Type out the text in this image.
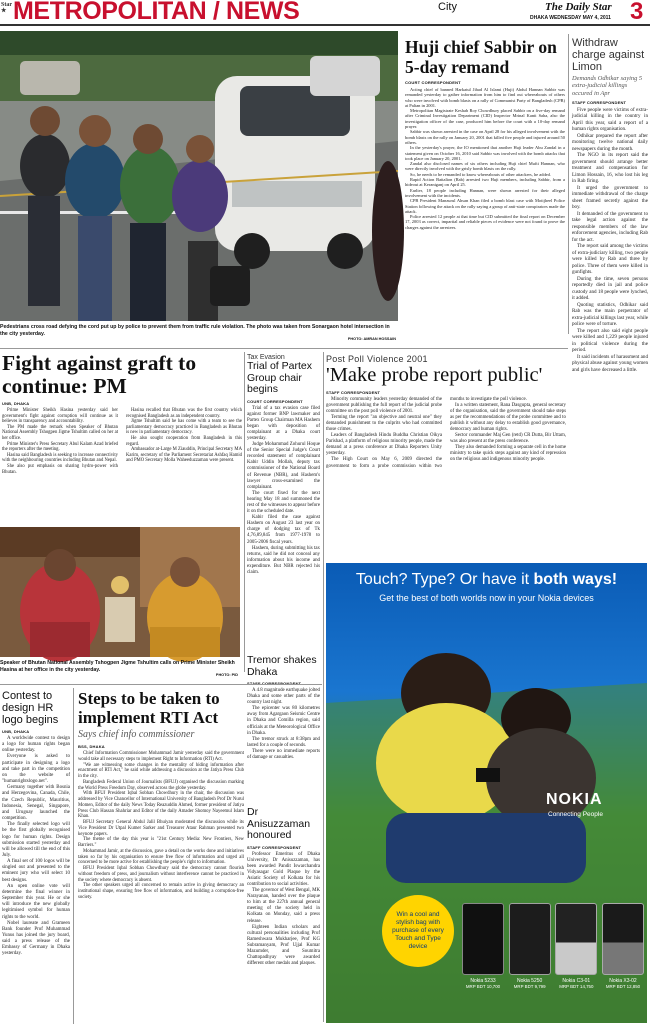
Star
★ METROPOLITAN / NEWS	City	The Daily Star
DHAKA WEDNESDAY MAY 4, 2011 3
Pedestrians cross road defying the cord put up by police to prevent them from traffic rule violation. The photo was taken from Sonargaon hotel intersection in the city yesterday.
PHOTO: AMRAN HOSSAIN
Huji chief Sabbir on 5-day remand
COURT CORRESPONDENT

Acting chief of banned Harkatul Jihad Al Islami (Huji) Abdul Hannan Sabbir was remanded yesterday to gather information from him to find out whereabouts of others who were involved with bomb blasts on a rally of Communist Party of Bangladesh (CPB) at Paltan in 2001.

Metropolitan Magistrate Keshab Roy Chowdhury placed Sabbir on a five-day remand after Criminal Investigation Department (CID) Inspector Mrinal Kanti Saha, also the investigation officer of the case, produced him before the court with a 10-day remand prayer.

Sabbir was shown arrested in the case on April 28 for his alleged involvement with the bomb blasts on the rally on January 20, 2001 that killed five people and injured around 50 others.

In the yesterday's prayer, the IO mentioned that another Huji leader Abu Zandal in a statement given on October 16, 2010 said Sabbir was involved with the bomb attacks that took place on January 20, 2001.

Zandal also disclosed names of six others including Huji chief Mufti Hannan, who were directly involved with the grisly bomb blasts on the rally.

So, he needs to be remanded to know whereabouts of other attackers, he added.

Rapid Action Battalion (Rab) arrested two Huji members, including Sabbir, from a hideout at Keraniganj on April 25.

Earlier, 18 people including Hannan, were shown arrested for their alleged involvement with the incidents.

CPB President Manzurul Ahsan Khan filed a bomb blast case with Motijheel Police Station following the attack on the rally saying a group of anti-state conspirators made the attack.

Police arrested 12 people at that time but CID submitted the final report on December 17, 2003 as correct, impartial and reliable pieces of evidence were not found to prove the charges against the arrestees.

Withdraw charge against Limon
Demands Odhikar saying 5 extra-judicial killings occured in Apr
STAFF CORRESPONDENT

Five people were victims of extra-judicial killing in the country in April this year, said a report of a human rights organisation.

Odhikar prepared the report after monitoring twelve national daily newspapers during the month.

The NGO in its report said the government should arrange better treatment and compensation for Limon Hossain, 16, who lost his leg in Rab firing.

It urged the government to immediate withdrawal of the charge sheet framed secretly against the boy.

It demanded of the government to take legal action against the responsible members of the law enforcement agencies, including Rab for the act.

The report said among the victims of extra-judiciary killing, two people were killed by Rab and three by police. Three of them were killed in gunfights.

During the time, seven persons reportedly died in jail and police custody and 18 people were lynched, it added.

Quoting statistics, Odhikar said Rab was the main perpetrator of extra-judicial killings last year, while police were of torture.

The report also said eight people were killed and 1,229 people injured in political violence during the period.

It said incidents of harassment and physical abuse against young women and girls have decreased a little.

Fight against graft to continue: PM
UNB, DHAKA

Prime Minister Sheikh Hasina yesterday said her government's fight against corruption will continue as it believes in transparency and accountability.

The PM made the remark when Speaker of Bhutan National Assembly Tshogpen Jigme Tshultim called on her at her office.

Prime Minister's Press Secretary Abul Kalam Azad briefed the reporters after the meeting.

Hasina said Bangladesh is seeking to increase connectivity with the neighbouring countries including Bhutan and Nepal.

She also put emphasis on sharing hydro-power with Bhutan.

Hasina recalled that Bhutan was the first country which recognised Bangladesh as an independent country.

Jigme Tshultim said he has come with a team to see the parliamentary democracy practiced in Bangladesh as Bhutan is new in parliamentary democracy.

He also sought cooperation from Bangladesh in this regard.

Ambassador at-Large M Ziauddin, Principal Secretary MA Karim, secretary of the Parliament Secretariat Ashfaq Hamid and PMO Secretary Molla Waheeduzzaman were present.

Speaker of Bhutan National Assembly Tshogpen Jigme Tshultim calls on Prime Minister Sheikh Hasina at her office in the city yesterday.
PHOTO: PID
Tax Evasion
Trial of Partex Group chair begins
COURT CORRESPONDENT

Trial of a tax evasion case filed against former BNP lawmaker and Partex Group Chairman MA Hashem began with deposition of complainant at a Dhaka court yesterday.

Judge Mohammad Zohurul Hoque of the Senior Special Judge's Court recorded statement of complainant Kabir Uddin Mollah, deputy tax commissioner of the National Board of Revenue (NBR), and Hashem's lawyer cross-examined the complainant.

The court fixed for the next hearing May 18 and summoned the rest of the witnesses to appear before it on the scheduled date.

Kabir filed the case against Hashem on August 23 last year on charge of dodging tax of Tk 4,76,89,845 from 1977-1978 to 2005-2006 fiscal years.

Hashem, during submitting his tax returns, said he did not conceal any information about his income and expenditure. But NBR rejected his claim.

Post Poll Violence 2001
'Make probe report public'
STAFF CORRESPONDENT

Minority community leaders yesterday demanded of the government publishing the full report of the judicial probe committee on the post poll violence of 2001.

Terming the report "an objective and neutral one" they demanded punishment to the culprits who had committed those crimes.

Leaders of Bangladesh Hindu Buddha Christian Oikya Parishad, a platform of religious minority people, made the demand at a press conference at Dhaka Reporters Unity yesterday.

The High Court on May 6, 2009 directed the government to form a probe commission within two months to investigate the poll violence.

In a written statement, Rana Dasgupta, general secretary of the organisation, said the government should take steps as per the recommendations of the probe committee and to publish it without any delay to establish good governance, democracy and human rights.

Sector commander Maj Gen (retd) CR Dutta, Bir Uttam, was also present at the press conference.

They also demanded forming a separate cell in the home ministry to take quick steps against any kind of repression on the religious and indigenous minority people.

Tremor shakes Dhaka

A 4.8 magnitude earthquake jolted Dhaka and some other parts of the country last night.

The epicenter was 80 kilometres away from Agargaon Seismic Centre in Dhaka and Comilla region, said officials at the Meteorological Office in Dhaka.

The tremor struck at 8:38pm and lasted for a couple of seconds.

There were no immediate reports of damage or casualties.

Dr Anisuzzaman honoured
STAFF CORRESPONDENT

Professor Emeritus of Dhaka University, Dr Anisuzzaman, has been awarded Pandit Iswarchandra Vidyasagar Gold Plaque by the Asiatic Society of Kolkata for his contribution to social activities.

The governor of West Bengal, MK Narayanan, handed over the plaque to him at the 227th annual general meeting of the society held in Kolkata on Monday, said a press release.

Eighteen Indian scholars and cultural personalities including Prof Rameshwara Mukharjee, Prof KG Subramanyam, Prof Ujjal Kumar Mazumder, and Soumitra Chattopadhyay were awarded different other medals and plaques.

Contest to design HR logo begins
UNB, DHAKA

A worldwide contest to design a logo for human rights began online yesterday.

Everyone is asked to participate in designing a logo and take part in the competition on the website of "humanrightslogo.net".

Germany together with Bosnia and Herzegovina, Canada, Chile, the Czech Republic, Mauritius, Indonesia, Senegal, Singapore, and Uruguay launched the competition.

The finally selected logo will be the first globally recognised logo for human rights. Design submission started yesterday and will be allowed till the end of this July.

A final set of 100 logos will be singled out and presented to the eminent jury who will select 10 best designs.

An open online vote will determine the final winner in September this year. He or she will introduce the new globally legitimised symbol for human rights to the world.

Nobel laureate and Grameen Bank founder Prof Muhammad Yunus has joined the jury board, said a press release of the Embassy of Germany in Dhaka yesterday.

Steps to be taken to implement RTI Act
Says chief info commissioner
BSS, DHAKA

Chief Information Commissioner Mohammad Jamir yesterday said the government would take all necessary steps to implement Right to Information (RTI) Act.

"We are witnessing some changes in the mentality of hiding information after enactment of RTI Act," he said while addressing a discussion at the Jatiya Press Club in the city.

Bangladesh Federal Union of Journalists (BFUJ) organised the discussion marking the World Press Freedom Day, observed across the globe yesterday.

With BFUJ President Iqbal Sobhan Chowdhury in the chair, the discussion was addressed by Vice Chancellor of International University of Bangladesh Prof Dr Nurul Momen, Editor of the daily News Today Reazuddin Ahmed, former president of Jatiya Press Club Hassan Shahriar and Editor of the daily Amader Shomoy Nayeemul Islam Khan.

BFUJ Secretary General Abdul Jalil Bhuiyan moderated the discussion while its Vice President Dr Utpal Kumer Sarker and Treasurer Ataur Rahman presented two keynote papers.

The theme of the day this year is "21st Century Media: New Frontiers, New Barriers."

Mohammad Jamir, at the discussion, gave a detail on the works done and initiatives taken so far by his organisation to ensure free flow of information and urged all concerned to be more active for establishing the people's right to information.

BFUJ President Iqbal Sobhan Chowdhury said the democracy cannot flourish without freedom of press, and journalism without interference cannot be practiced in the society where democracy is absent.

The other speakers urged all concerned to remain active in giving democracy an institutional shape, ensuring free flow of information, and building a corruption-free society.

Touch? Type? Or have it both ways!
Get the best of both worlds now in your Nokia devices
NOKIA
Connecting People
Win a cool and stylish bag with purchase of every Touch and Type device
Nokia 5233
MRP BDT 10,700
Nokia 5250
MRP BDT 9,799
Nokia C3-01
MRP BDT 14,750
Nokia X3-02
MRP BDT 12,850
